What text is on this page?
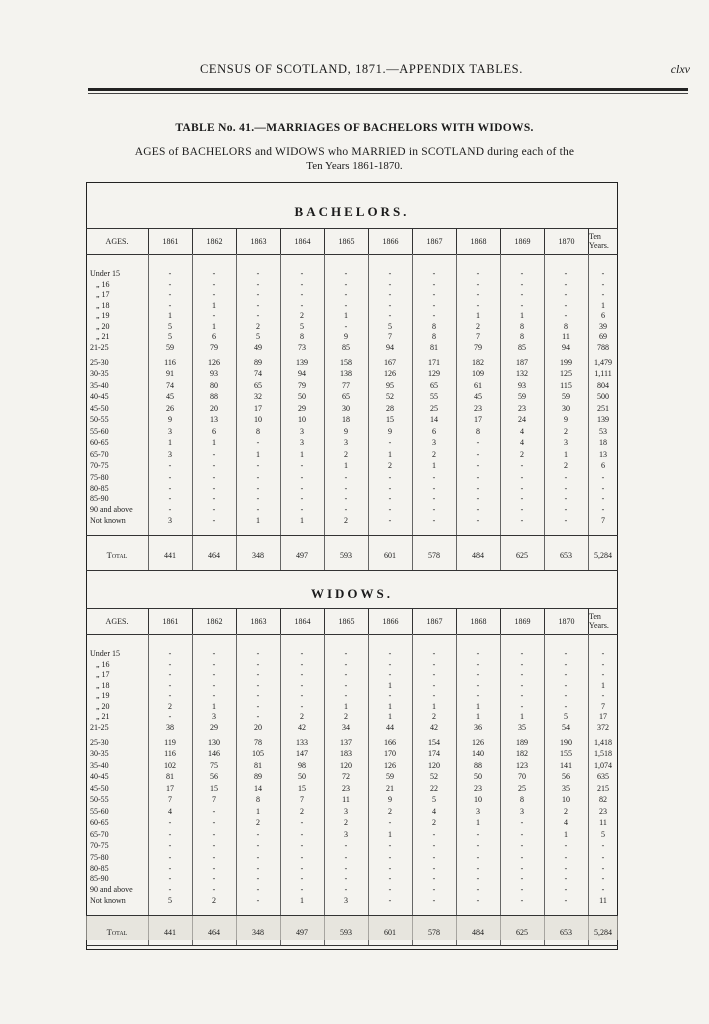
CENSUS OF SCOTLAND, 1871.—APPENDIX TABLES.	clxv
TABLE No. 41.—MARRIAGES OF BACHELORS WITH WIDOWS.
AGES of BACHELORS and WIDOWS who MARRIED in SCOTLAND during each of the
Ten Years 1861-1870.
BACHELORS.
AGES.	1861	1862	1863	1864	1865	1866	1867	1868	1869	1870	Ten Years.
Under 15	-	-	-	-	-	-	-	-	-	-	-
„ 16	-	-	-	-	-	-	-	-	-	-	-
„ 17	-	-	-	-	-	-	-	-	-	-	-
„ 18	-	1	-	-	-	-	-	-	-	-	1
„ 19	1	-	-	2	1	-	-	1	1	-	6
„ 20	5	1	2	5	-	5	8	2	8	8	39
„ 21	5	6	5	8	9	7	8	7	8	11	69
21-25	59	79	49	73	85	94	81	79	85	94	788
25-30	116	126	89	139	158	167	171	182	187	199	1,479
30-35	91	93	74	94	138	126	129	109	132	125	1,111
35-40	74	80	65	79	77	95	65	61	93	115	804
40-45	45	88	32	50	65	52	55	45	59	59	500
45-50	26	20	17	29	30	28	25	23	23	30	251
50-55	9	13	10	10	18	15	14	17	24	9	139
55-60	3	6	8	3	9	9	6	8	4	2	53
60-65	1	1	-	3	3	-	3	-	4	3	18
65-70	3	-	1	1	2	1	2	-	2	1	13
70-75	-	-	-	-	1	2	1	-	-	2	6
75-80	-	-	-	-	-	-	-	-	-	-	-
80-85	-	-	-	-	-	-	-	-	-	-	-
85-90	-	-	-	-	-	-	-	-	-	-	-
90 and above	-	-	-	-	-	-	-	-	-	-	-
Not known	3	-	1	1	2	-	-	-	-	-	7
Total	441	464	348	497	593	601	578	484	625	653	5,284
WIDOWS.
AGES.	1861	1862	1863	1864	1865	1866	1867	1868	1869	1870	Ten Years.
Under 15	-	-	-	-	-	-	-	-	-	-	-
„ 16	-	-	-	-	-	-	-	-	-	-	-
„ 17	-	-	-	-	-	-	-	-	-	-	-
„ 18	-	-	-	-	-	1	-	-	-	-	1
„ 19	-	-	-	-	-	-	-	-	-	-	-
„ 20	2	1	-	-	1	1	1	1	-	-	7
„ 21	-	3	-	2	2	1	2	1	1	5	17
21-25	38	29	20	42	34	44	42	36	35	54	372
25-30	119	130	78	133	137	166	154	126	189	190	1,418
30-35	116	146	105	147	183	170	174	140	182	155	1,518
35-40	102	75	81	98	120	126	120	88	123	141	1,074
40-45	81	56	89	50	72	59	52	50	70	56	635
45-50	17	15	14	15	23	21	22	23	25	35	215
50-55	7	7	8	7	11	9	5	10	8	10	82
55-60	4	-	1	2	3	2	4	3	3	2	23
60-65	-	-	2	-	2	-	2	1	-	4	11
65-70	-	-	-	-	3	1	-	-	-	1	5
70-75	-	-	-	-	-	-	-	-	-	-	-
75-80	-	-	-	-	-	-	-	-	-	-	-
80-85	-	-	-	-	-	-	-	-	-	-	-
85-90	-	-	-	-	-	-	-	-	-	-	-
90 and above	-	-	-	-	-	-	-	-	-	-	-
Not known	5	2	-	1	3	-	-	-	-	-	11
Total	441	464	348	497	593	601	578	484	625	653	5,284
